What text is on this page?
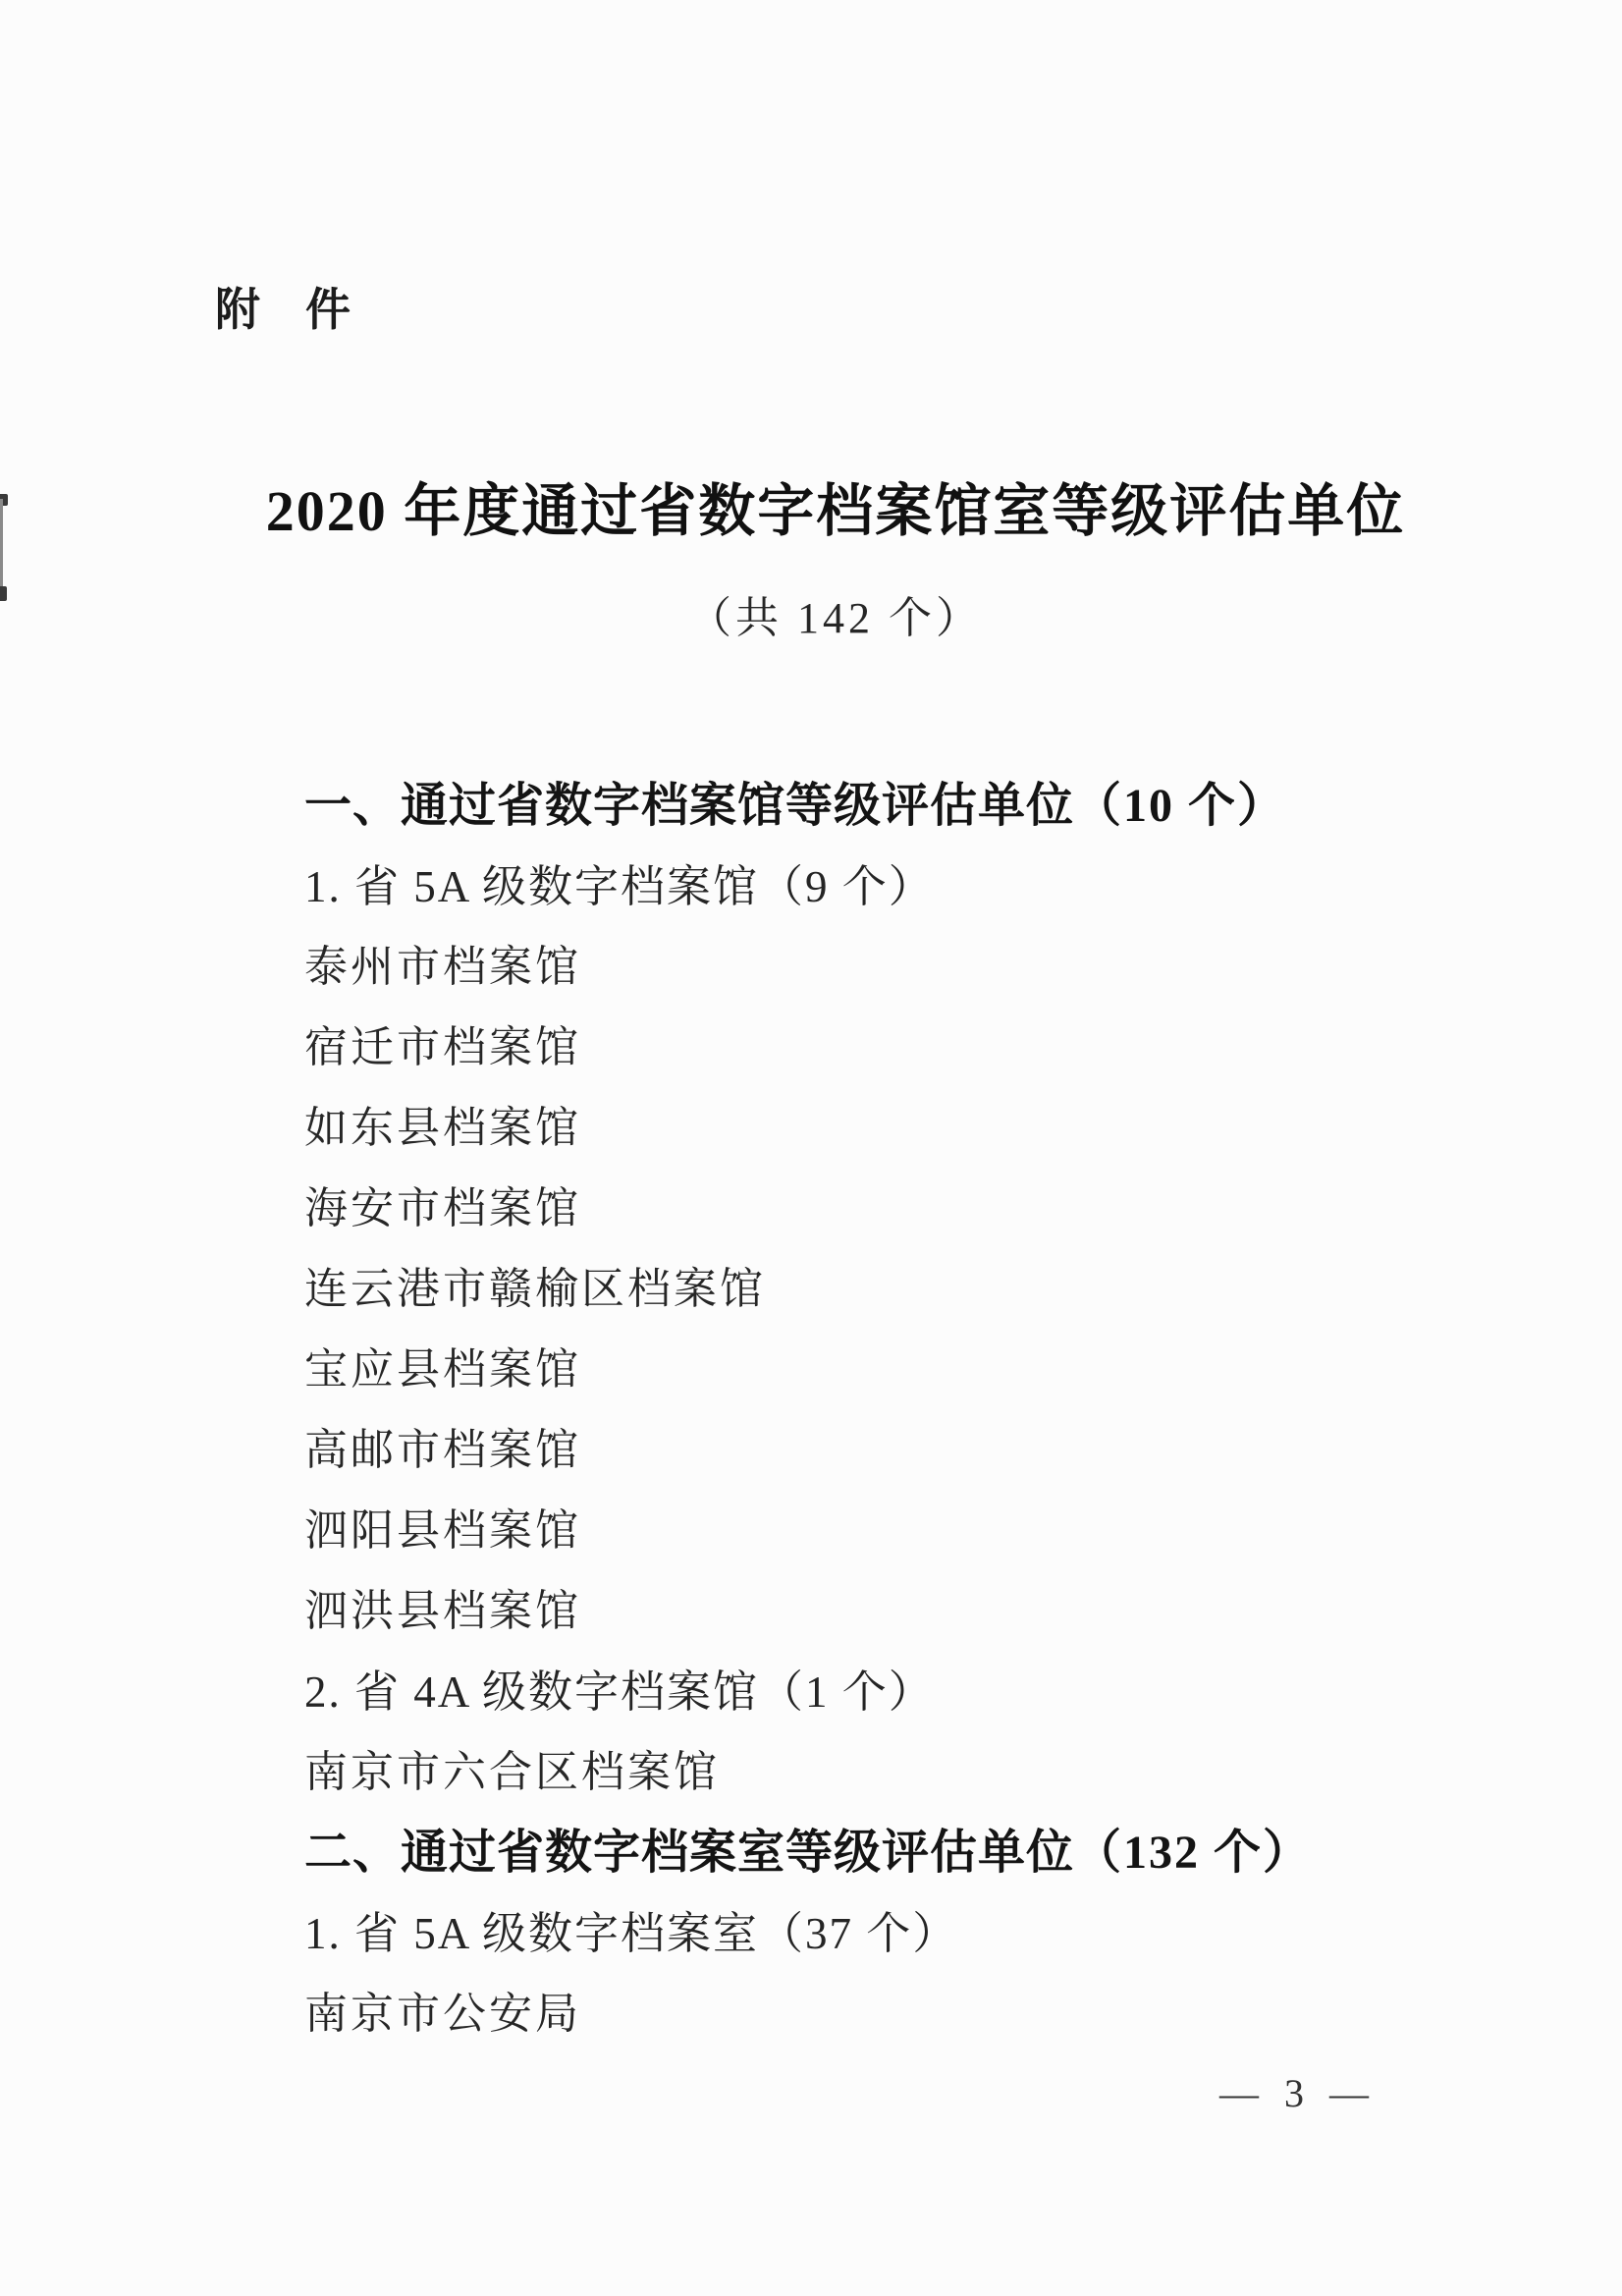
附　件
2020 年度通过省数字档案馆室等级评估单位
（共 142 个）
一、通过省数字档案馆等级评估单位（10 个）
1. 省 5A 级数字档案馆（9 个）
泰州市档案馆
宿迁市档案馆
如东县档案馆
海安市档案馆
连云港市赣榆区档案馆
宝应县档案馆
高邮市档案馆
泗阳县档案馆
泗洪县档案馆
2. 省 4A 级数字档案馆（1 个）
南京市六合区档案馆
二、通过省数字档案室等级评估单位（132 个）
1. 省 5A 级数字档案室（37 个）
南京市公安局
— 3 —
